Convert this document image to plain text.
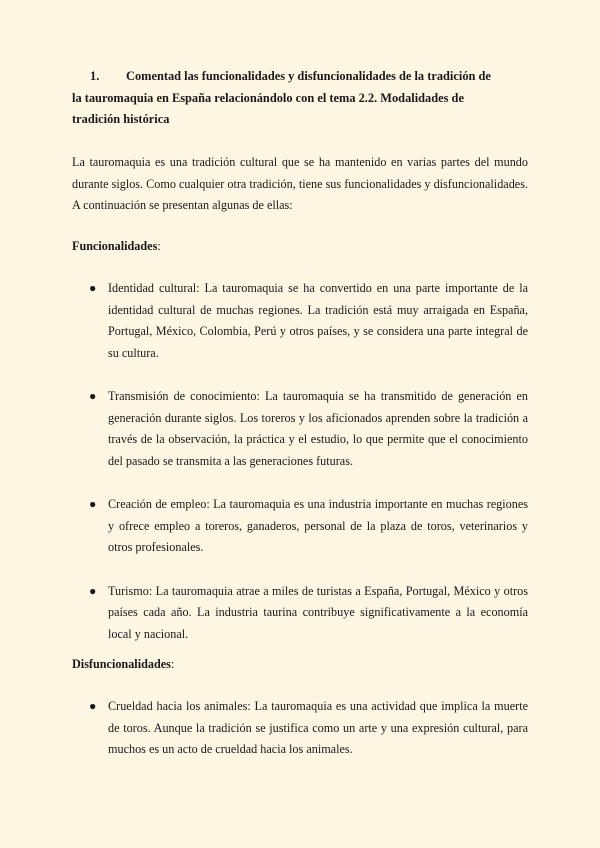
1. Comentad las funcionalidades y disfuncionalidades de la tradición de la tauromaquia en España relacionándolo con el tema 2.2. Modalidades de tradición histórica

La tauromaquia es una tradición cultural que se ha mantenido en varias partes del mundo durante siglos. Como cualquier otra tradición, tiene sus funcionalidades y disfuncionalidades. A continuación se presentan algunas de ellas:

Funcionalidades:
● Identidad cultural: La tauromaquia se ha convertido en una parte importante de la identidad cultural de muchas regiones. La tradición está muy arraigada en España, Portugal, México, Colombia, Perú y otros países, y se considera una parte integral de su cultura.
● Transmisión de conocimiento: La tauromaquia se ha transmitido de generación en generación durante siglos. Los toreros y los aficionados aprenden sobre la tradición a través de la observación, la práctica y el estudio, lo que permite que el conocimiento del pasado se transmita a las generaciones futuras.
● Creación de empleo: La tauromaquia es una industria importante en muchas regiones y ofrece empleo a toreros, ganaderos, personal de la plaza de toros, veterinarios y otros profesionales.
● Turismo: La tauromaquia atrae a miles de turistas a España, Portugal, México y otros países cada año. La industria taurina contribuye significativamente a la economía local y nacional.
Disfuncionalidades:
● Crueldad hacia los animales: La tauromaquia es una actividad que implica la muerte de toros. Aunque la tradición se justifica como un arte y una expresión cultural, para muchos es un acto de crueldad hacia los animales.
